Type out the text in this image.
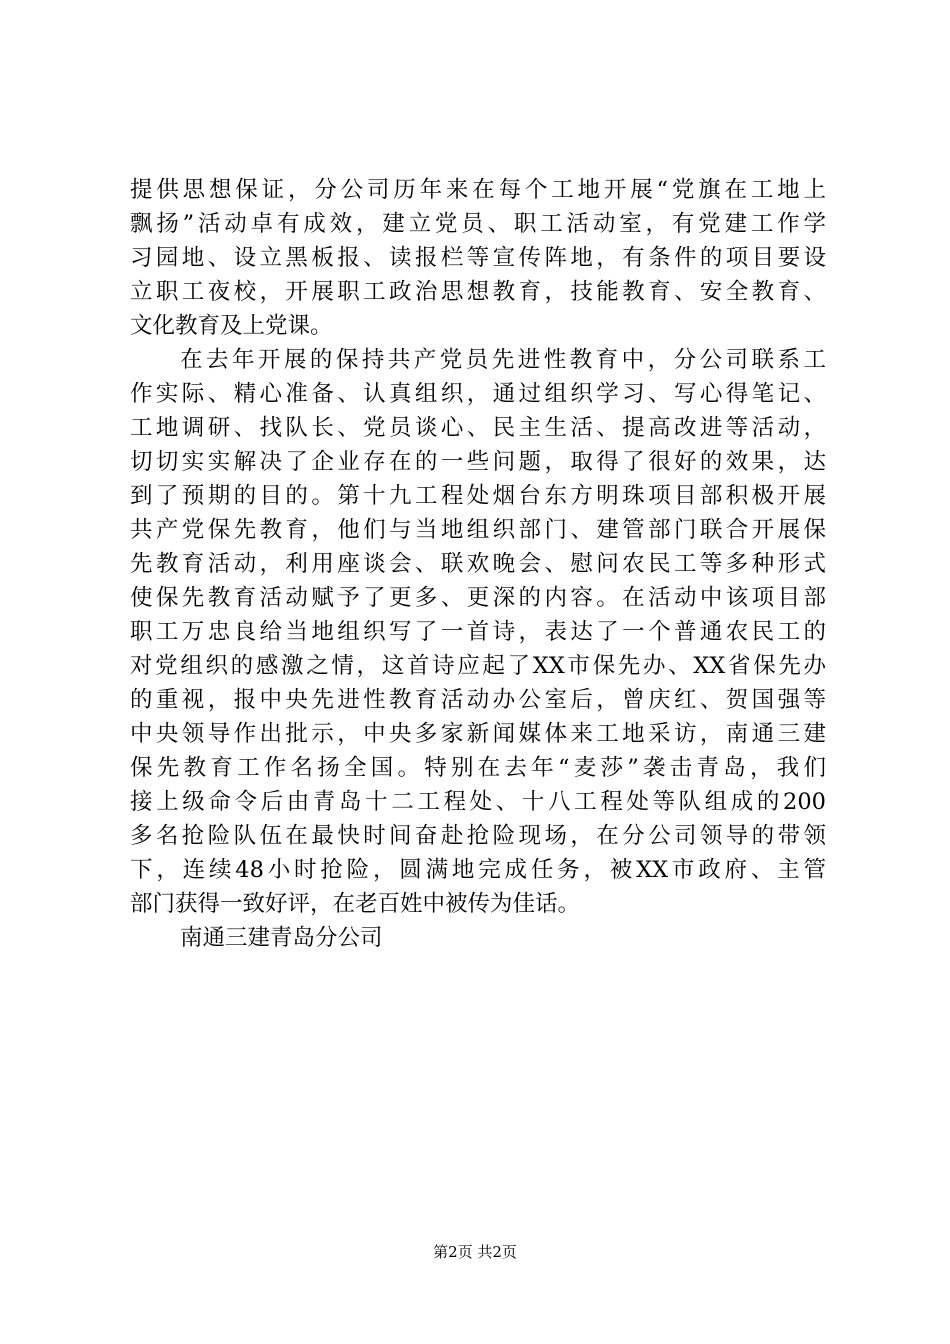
提供思想保证，分公司历年来在每个工地开展“党旗在工地上
飘扬”活动卓有成效，建立党员、职工活动室，有党建工作学
习园地、设立黑板报、读报栏等宣传阵地，有条件的项目要设
立职工夜校，开展职工政治思想教育，技能教育、安全教育、
文化教育及上党课。
在去年开展的保持共产党员先进性教育中，分公司联系工
作实际、精心准备、认真组织，通过组织学习、写心得笔记、
工地调研、找队长、党员谈心、民主生活、提高改进等活动，
切切实实解决了企业存在的一些问题，取得了很好的效果，达
到了预期的目的。第十九工程处烟台东方明珠项目部积极开展
共产党保先教育，他们与当地组织部门、建管部门联合开展保
先教育活动，利用座谈会、联欢晚会、慰问农民工等多种形式
使保先教育活动赋予了更多、更深的内容。在活动中该项目部
职工万忠良给当地组织写了一首诗，表达了一个普通农民工的
对党组织的感激之情，这首诗应起了XX市保先办、XX省保先办
的重视，报中央先进性教育活动办公室后，曾庆红、贺国强等
中央领导作出批示，中央多家新闻媒体来工地采访，南通三建
保先教育工作名扬全国。特别在去年“麦莎”袭击青岛，我们
接上级命令后由青岛十二工程处、十八工程处等队组成的200
多名抢险队伍在最快时间奋赴抢险现场，在分公司领导的带领
下，连续48小时抢险，圆满地完成任务，被XX市政府、主管
部门获得一致好评，在老百姓中被传为佳话。
南通三建青岛分公司
第2页 共2页
